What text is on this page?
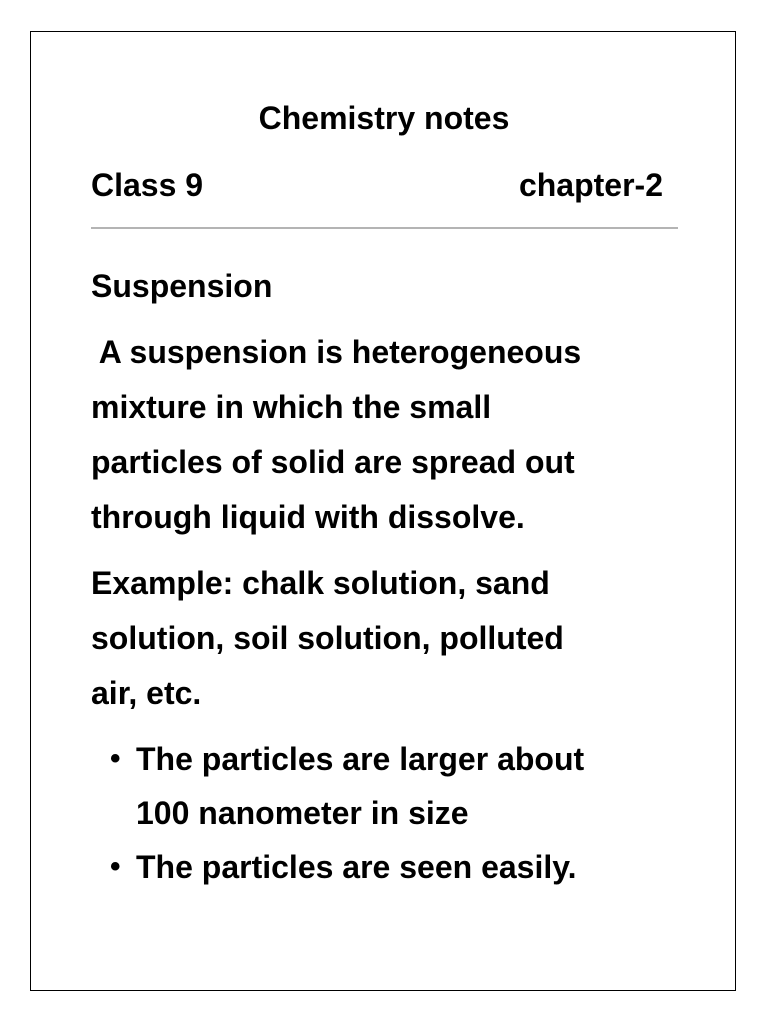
Chemistry notes
Class 9	chapter-2
Suspension
A suspension is heterogeneous
mixture in which the small
particles of solid are spread out
through liquid with dissolve.
Example: chalk solution, sand
solution, soil solution, polluted
air, etc.
• The particles are larger about
100 nanometer in size
• The particles are seen easily.
